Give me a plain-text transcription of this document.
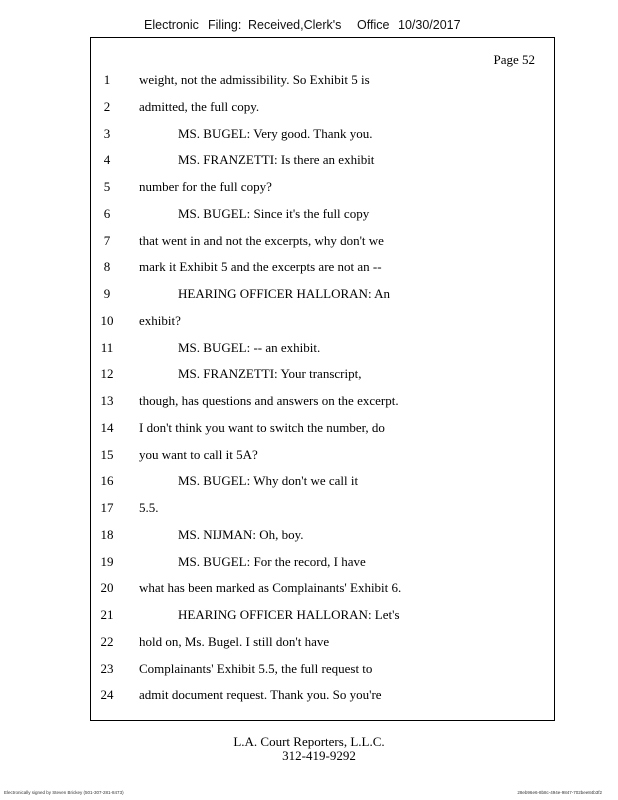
Electronic Filing: Received,Clerk's Office 10/30/2017
Page 52
1	weight, not the admissibility. So Exhibit 5 is
2	admitted, the full copy.
3	MS. BUGEL: Very good. Thank you.
4	MS. FRANZETTI: Is there an exhibit
5	number for the full copy?
6	MS. BUGEL: Since it's the full copy
7	that went in and not the excerpts, why don't we
8	mark it Exhibit 5 and the excerpts are not an --
9	HEARING OFFICER HALLORAN: An
10 exhibit?
11	MS. BUGEL: -- an exhibit.
12	MS. FRANZETTI: Your transcript,
13 though, has questions and answers on the excerpt.
14 I don't think you want to switch the number, do
15 you want to call it 5A?
16	MS. BUGEL: Why don't we call it
17 5.5.
18	MS. NIJMAN: Oh, boy.
19	MS. BUGEL: For the record, I have
20 what has been marked as Complainants' Exhibit 6.
21	HEARING OFFICER HALLORAN: Let's
22 hold on, Ms. Bugel. I still don't have
23 Complainants' Exhibit 5.5, the full request to
24 admit document request. Thank you. So you're
L.A. Court Reporters, L.L.C.
312-419-9292
Electronically signed by Steven Brickey (501-307-281-8473)	28eb96e6-8b8c-494e-9847-702bee84b3f2
